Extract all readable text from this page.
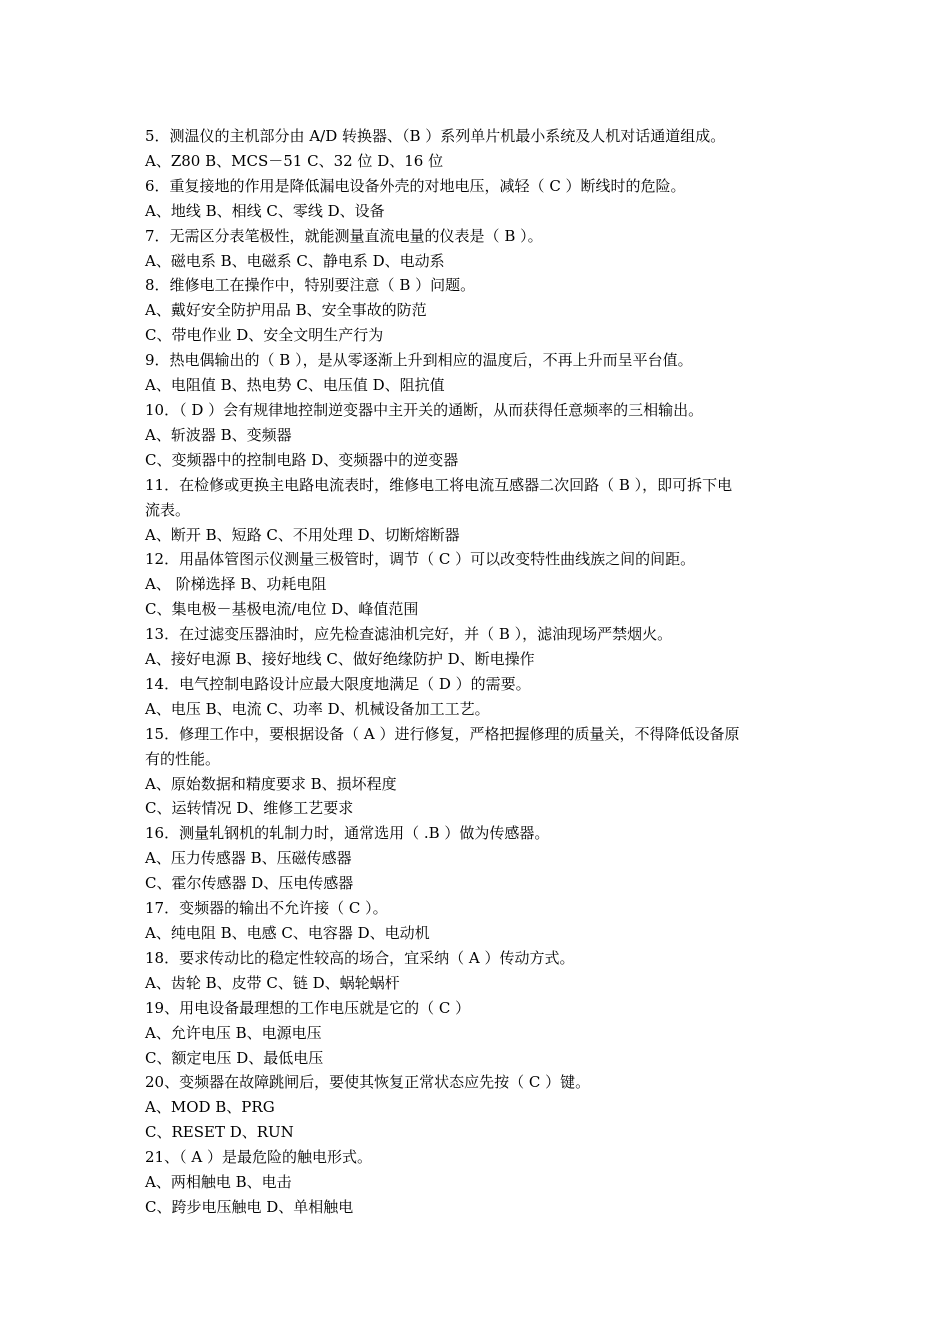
5．测温仪的主机部分由 A/D 转换器、（B ）系列单片机最小系统及人机对话通道组成。
A、Z80 B、MCS－51 C、32 位 D、16 位
6．重复接地的作用是降低漏电设备外壳的对地电压，减轻（ C ）断线时的危险。
A、地线 B、相线 C、零线 D、设备
7．无需区分表笔极性，就能测量直流电量的仪表是（ B ）。
A、磁电系 B、电磁系 C、静电系 D、电动系
8．维修电工在操作中，特别要注意（ B ）问题。
A、戴好安全防护用品 B、安全事故的防范
C、带电作业 D、安全文明生产行为
9．热电偶输出的（ B ），是从零逐渐上升到相应的温度后，不再上升而呈平台值。
A、电阻值 B、热电势 C、电压值 D、阻抗值
10．（ D ）会有规律地控制逆变器中主开关的通断，从而获得任意频率的三相输出。
A、斩波器 B、变频器
C、变频器中的控制电路 D、变频器中的逆变器
11．在检修或更换主电路电流表时，维修电工将电流互感器二次回路（ B ），即可拆下电
流表。
A、断开 B、短路 C、不用处理 D、切断熔断器
12．用晶体管图示仪测量三极管时，调节（ C ）可以改变特性曲线族之间的间距。
A、 阶梯选择 B、功耗电阻
C、集电极－基极电流/电位 D、峰值范围
13．在过滤变压器油时，应先检查滤油机完好，并（ B ），滤油现场严禁烟火。
A、接好电源 B、接好地线 C、做好绝缘防护 D、断电操作
14．电气控制电路设计应最大限度地满足（ D ）的需要。
A、电压 B、电流 C、功率 D、机械设备加工工艺。
15．修理工作中，要根据设备（ A ）进行修复，严格把握修理的质量关，不得降低设备原
有的性能。
A、原始数据和精度要求 B、损坏程度
C、运转情况 D、维修工艺要求
16．测量轧钢机的轧制力时，通常选用（ .B ）做为传感器。
A、压力传感器 B、压磁传感器
C、霍尔传感器 D、压电传感器
17．变频器的输出不允许接（ C ）。
A、纯电阻 B、电感 C、电容器 D、电动机
18．要求传动比的稳定性较高的场合，宜采纳（ A ）传动方式。
A、齿轮 B、皮带 C、链 D、蜗轮蜗杆
19、用电设备最理想的工作电压就是它的（ C ）
A、允许电压 B、电源电压
C、额定电压 D、最低电压
20、变频器在故障跳闸后，要使其恢复正常状态应先按（ C ）键。
A、MOD B、PRG
C、RESET D、RUN
21、（ A ）是最危险的触电形式。
A、两相触电 B、电击
C、跨步电压触电 D、单相触电
